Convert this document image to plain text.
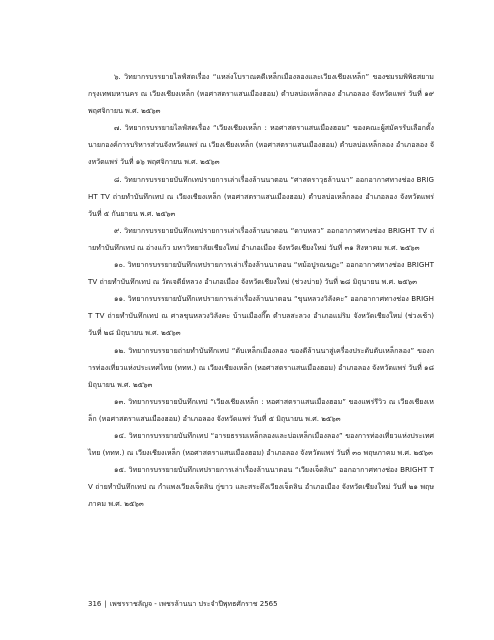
๖. วิทยากรบรรยายไลฟ์สดเรื่อง “แหล่งโบราณคดีเหล็กเมืองลองและเวียงเชียงเหล็ก” ของชมรมพิพิธสยาม กรุงเทพมหานคร ณ เวียงเชียงเหล็ก (หอศาสตราแสนเมืองฮอม) ตำบลบ่อเหล็กลอง อำเภอลอง จังหวัดแพร่ วันที่ ๑๙ พฤศจิกายน พ.ศ. ๒๕๖๓

๗. วิทยากรบรรยายไลฟ์สดเรื่อง “เวียงเชียงเหล็ก : หอศาสตราแสนเมืองฮอม” ของคณะผู้สมัครรับเลือกตั้งนายกองค์การบริหารส่วนจังหวัดแพร่ ณ เวียงเชียงเหล็ก (หอศาสตราแสนเมืองฮอม) ตำบลบ่อเหล็กลอง อำเภอลอง จังหวัดแพร่ วันที่ ๑๖ พฤศจิกายน พ.ศ. ๒๕๖๓

๘. วิทยากรบรรยายบันทึกเทปรายการเล่าเรื่องล้านนาตอน “ศาสตราวุธล้านนา” ออกอากาศทางช่อง BRIGHT TV ถ่ายทำบันทึกเทป ณ เวียงเชียงเหล็ก (หอศาสตราแสนเมืองฮอม) ตำบลบ่อเหล็กลอง อำเภอลอง จังหวัดแพร่ วันที่ ๕ กันยายน พ.ศ. ๒๕๖๓

๙. วิทยากรบรรยายบันทึกเทปรายการเล่าเรื่องล้านนาตอน “ดาบหลว” ออกอากาศทางช่อง BRIGHT TV ถ่ายทำบันทึกเทป ณ อ่างแก้ว มหาวิทยาลัยเชียงใหม่ อำเภอเมือง จังหวัดเชียงใหม่ วันที่ ๓๑ สิงหาคม พ.ศ. ๒๕๖๓

๑๐. วิทยากรบรรยายบันทึกเทปรายการเล่าเรื่องล้านนาตอน “หม้อปูรณฆฏะ” ออกอากาศทางช่อง BRIGHT TV ถ่ายทำบันทึกเทป ณ วัดเจดีย์หลวง อำเภอเมือง จังหวัดเชียงใหม่ (ช่วงบ่าย) วันที่ ๒๘ มิถุนายน พ.ศ. ๒๕๖๓

๑๑. วิทยากรบรรยายบันทึกเทปรายการเล่าเรื่องล้านนาตอน “ขุนหลวงวิลังคะ” ออกอากาศทางช่อง BRIGHT TV ถ่ายทำบันทึกเทป ณ ศาลขุนหลวงวิลังคะ บ้านเมืองกึ๊ด ตำบลสะลวง อำเภอแม่ริม จังหวัดเชียงใหม่ (ช่วงเช้า) วันที่ ๒๘ มิถุนายน พ.ศ. ๒๕๖๓

๑๒. วิทยากรบรรยายถ่ายทำบันทึกเทป “ตับเหล็กเมืองลอง ของดีล้านนาสู่เครื่องประดับตับเหล็กลอง” ของการท่องเที่ยวแห่งประเทศไทย (ททท.) ณ เวียงเชียงเหล็ก (หอศาสตราแสนเมืองฮอม) อำเภอลอง จังหวัดแพร่ วันที่ ๑๘ มิถุนายน พ.ศ. ๒๕๖๓

๑๓. วิทยากรบรรยายบันทึกเทป “เวียงเชียงเหล็ก : หอศาสตราแสนเมืองฮอม” ของแพร่รีวิว ณ เวียงเชียงเหล็ก (หอศาสตราแสนเมืองฮอม) อำเภอลอง จังหวัดแพร่ วันที่ ๕ มิถุนายน พ.ศ. ๒๕๖๓

๑๔. วิทยากรบรรยายบันทึกเทป “อารยธรรมเหล็กลองและบ่อเหล็กเมืองลอง” ของการท่องเที่ยวแห่งประเทศไทย (ททท.) ณ เวียงเชียงเหล็ก (หอศาสตราแสนเมืองฮอม) อำเภอลอง จังหวัดแพร่ วันที่ ๓๐ พฤษภาคม พ.ศ. ๒๕๖๓

๑๕. วิทยากรบรรยายบันทึกเทปรายการเล่าเรื่องล้านนาตอน “เวียงเจ็ดลิน” ออกอากาศทางช่อง BRIGHT TV ถ่ายทำบันทึกเทป ณ กำแพงเวียงเจ็ดลิน กู่ขาว และสระดึงเวียงเจ็ดลิน อำเภอเมือง จังหวัดเชียงใหม่ วันที่ ๒๑ พฤษภาคม พ.ศ. ๒๕๖๓

316 | เพชรราชลัญจ - เพชรล้านนา ประจำปีพุทธศักราช 2565
